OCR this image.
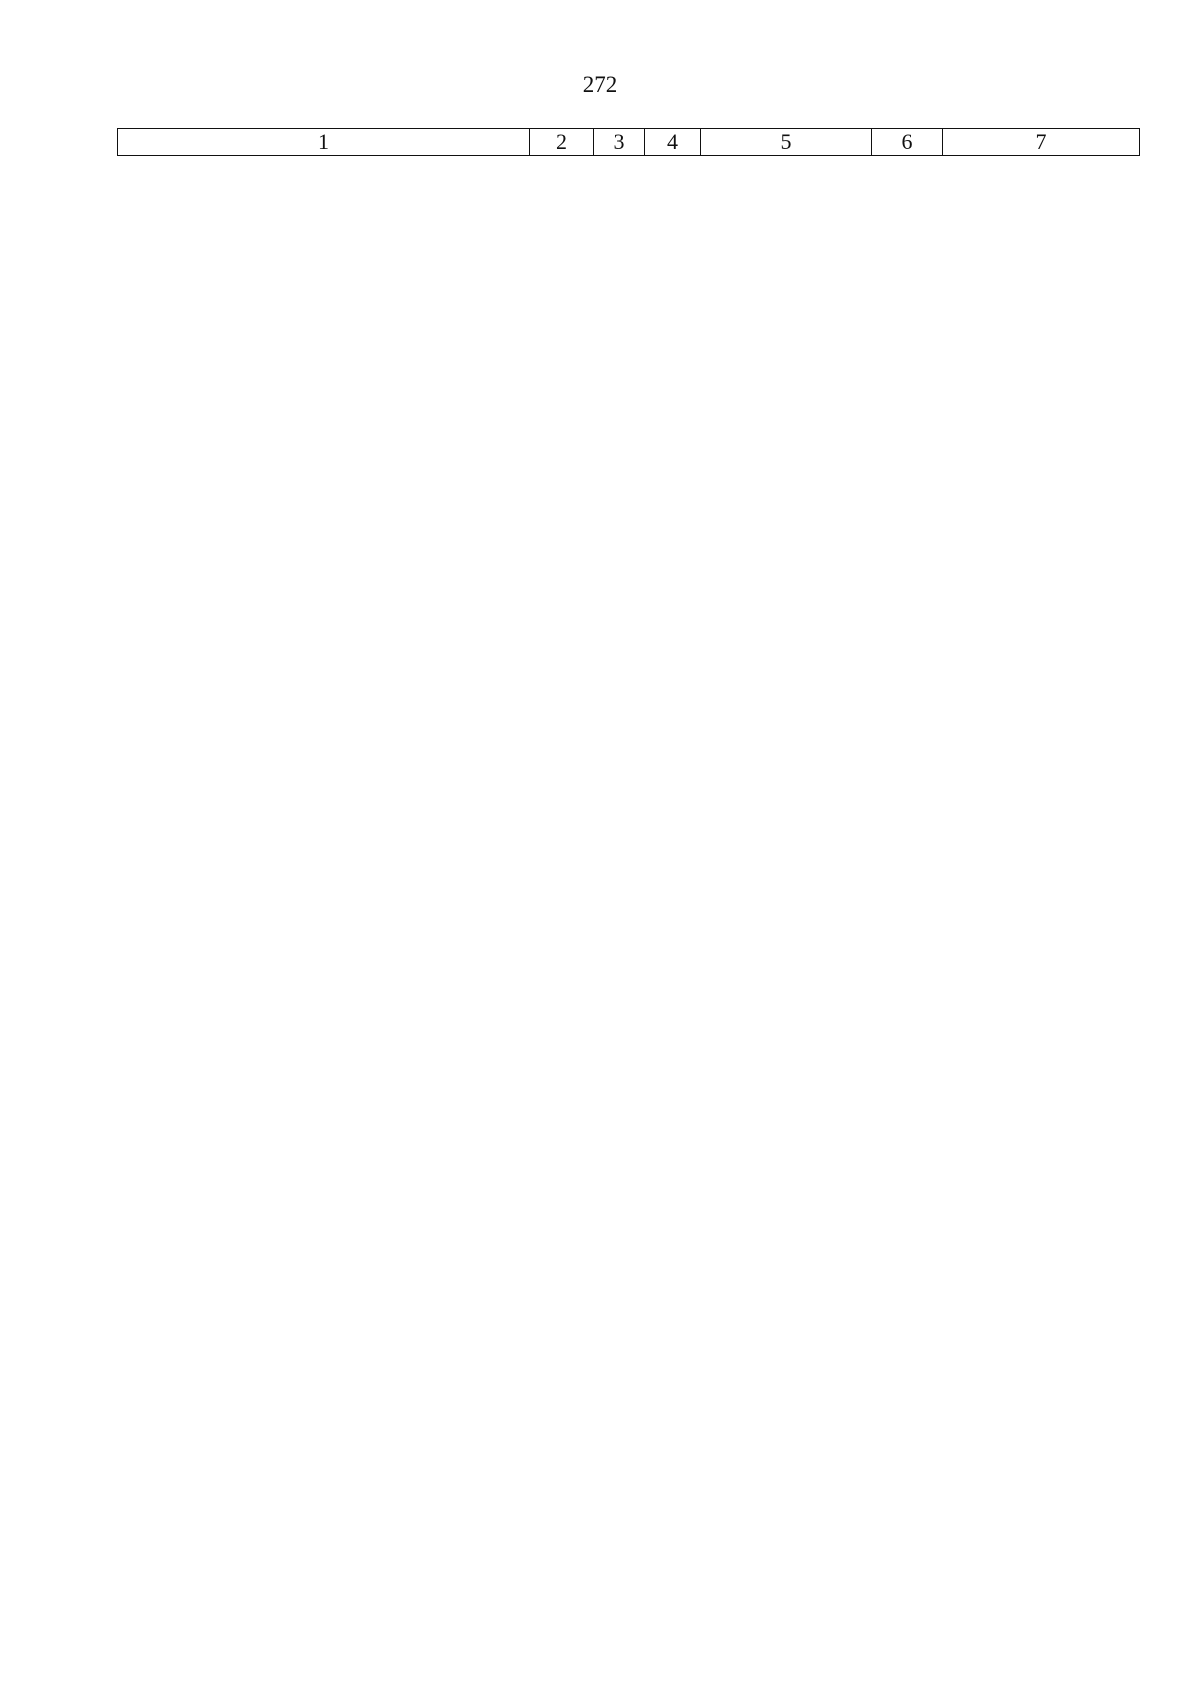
272
1	2	3	4	5	6	7
